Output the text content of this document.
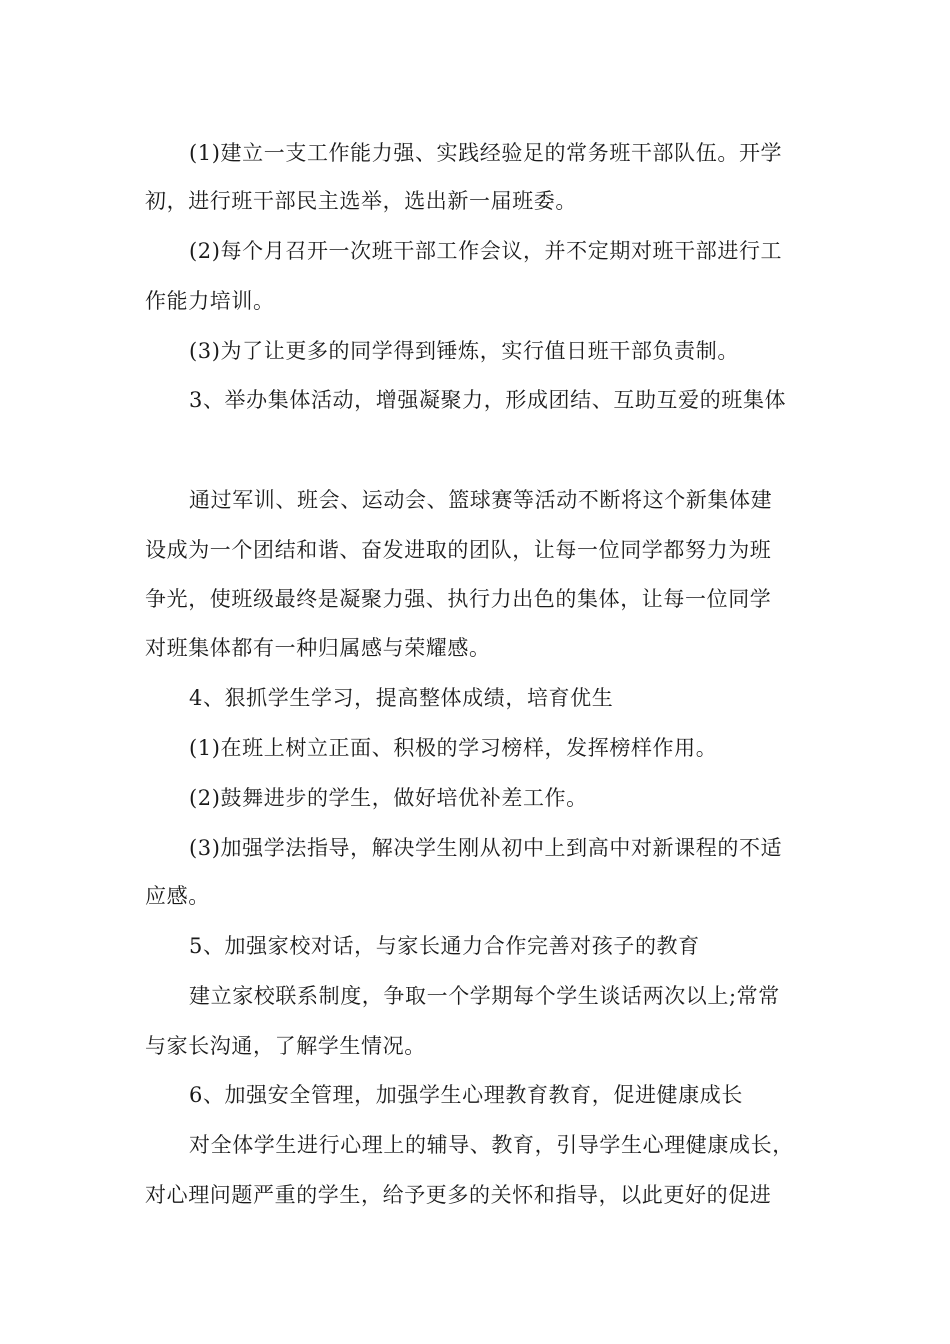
(1)建立一支工作能力强、实践经验足的常务班干部队伍。开学
初，进行班干部民主选举，选出新一届班委。
(2)每个月召开一次班干部工作会议，并不定期对班干部进行工
作能力培训。
(3)为了让更多的同学得到锤炼，实行值日班干部负责制。
3、举办集体活动，增强凝聚力，形成团结、互助互爱的班集体
通过军训、班会、运动会、篮球赛等活动不断将这个新集体建
设成为一个团结和谐、奋发进取的团队，让每一位同学都努力为班
争光，使班级最终是凝聚力强、执行力出色的集体，让每一位同学
对班集体都有一种归属感与荣耀感。
4、狠抓学生学习，提高整体成绩，培育优生
(1)在班上树立正面、积极的学习榜样，发挥榜样作用。
(2)鼓舞进步的学生，做好培优补差工作。
(3)加强学法指导，解决学生刚从初中上到高中对新课程的不适
应感。
5、加强家校对话，与家长通力合作完善对孩子的教育
建立家校联系制度，争取一个学期每个学生谈话两次以上;常常
与家长沟通，了解学生情况。
6、加强安全管理，加强学生心理教育教育，促进健康成长
对全体学生进行心理上的辅导、教育，引导学生心理健康成长，
对心理问题严重的学生，给予更多的关怀和指导，以此更好的促进
